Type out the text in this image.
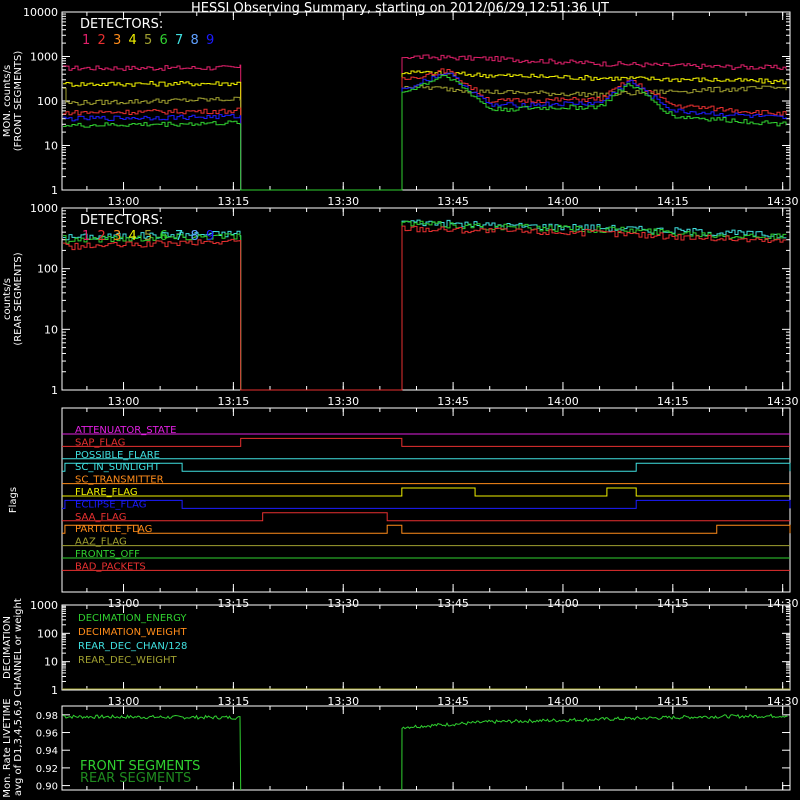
HESSI Observing Summary, starting on 2012/06/29 12:51:36 UT
13:00	13:15	13:30	13:45	14:00	14:15	14:30
MON. counts/s (FRONT SEGMENTS)
1
10
100
1000
10000
DETECTORS:
1 2 3 4 5 6 7 8 9
13:00	13:15	13:30	13:45	14:00	14:15	14:30
counts/s (REAR SEGMENTS)
1
10
100
1000
DETECTORS:
1 2 3 4 5 6 7 8 9
13:00	13:15	13:30	13:45	14:00	14:15	14:30
Flags
ATTENUATOR_STATE
SAP_FLAG
POSSIBLE_FLARE
SC_IN_SUNLIGHT
SC_TRANSMITTER
FLARE_FLAG
ECLIPSE_FLAG
SAA_FLAG
PARTICLE_FLAG
AAZ_FLAG
FRONTS_OFF
BAD_PACKETS
13:00	13:15	13:30	13:45	14:00	14:15	14:30
DECIMATION CHANNEL or weight 1
10
100
1000
DECIMATION_ENERGY
DECIMATION_WEIGHT
REAR_DEC_CHAN/128
REAR_DEC_WEIGHT
Mon. Rate LIVETIME avg of D1,3,4,5,6,9 0.90
0.92
0.94
0.96
0.98
FRONT SEGMENTS
REAR SEGMENTS
